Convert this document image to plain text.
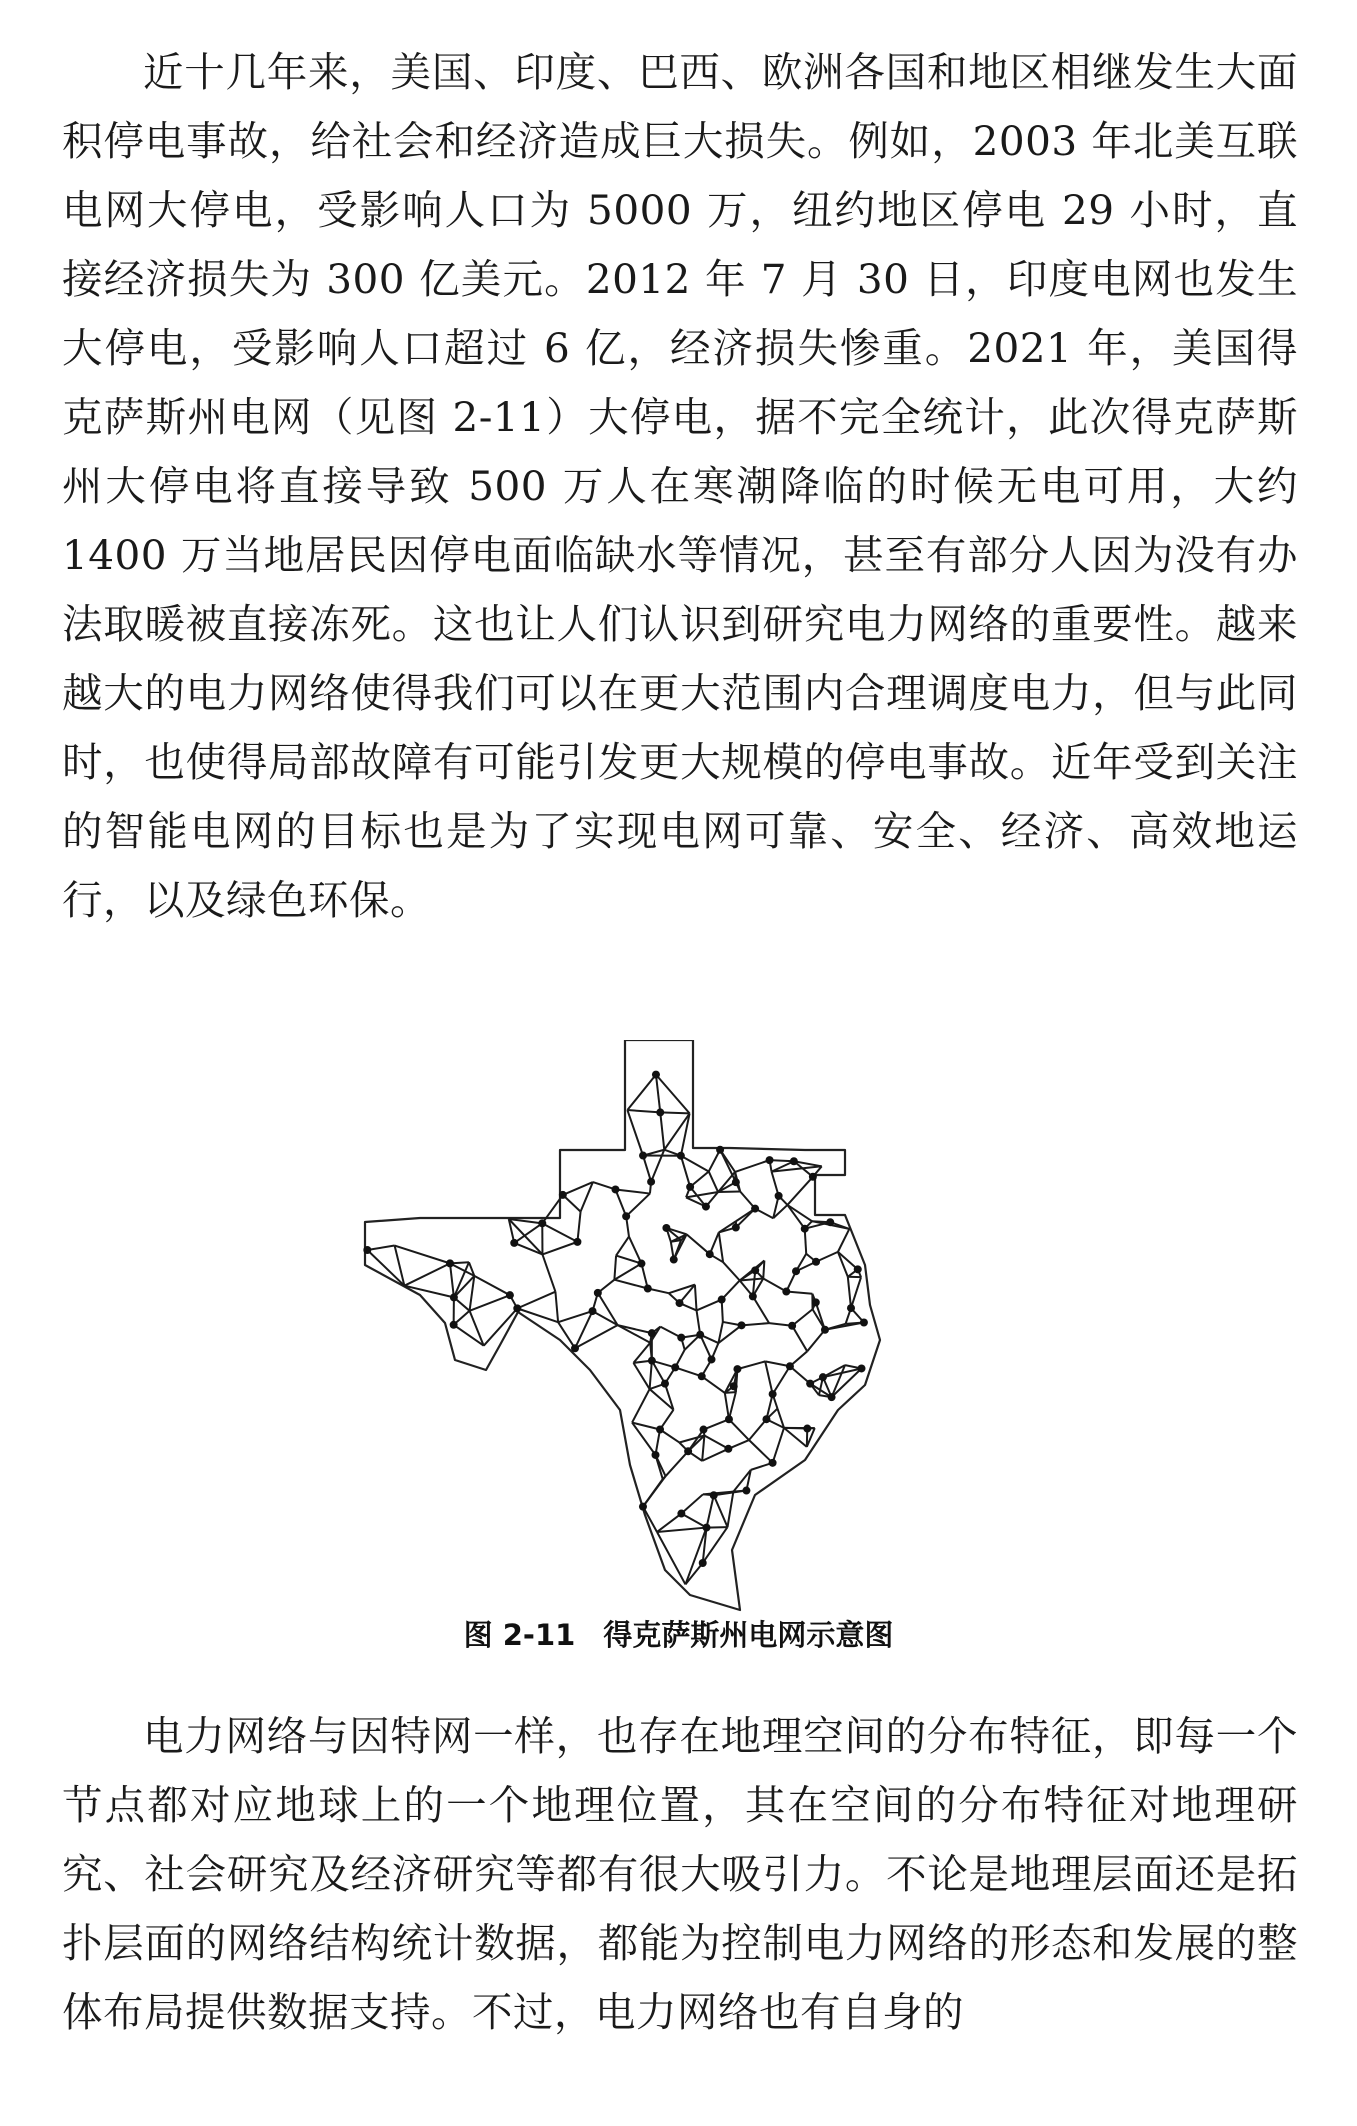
近十几年来，美国、印度、巴西、欧洲各国和地区相继发生大面积停电事故，给社会和经济造成巨大损失。例如，2003 年北美互联电网大停电，受影响人口为 5000 万，纽约地区停电 29 小时，直接经济损失为 300 亿美元。2012 年 7 月 30 日，印度电网也发生大停电，受影响人口超过 6 亿，经济损失惨重。2021 年，美国得克萨斯州电网（见图 2-11）大停电，据不完全统计，此次得克萨斯州大停电将直接导致 500 万人在寒潮降临的时候无电可用，大约 1400 万当地居民因停电面临缺水等情况，甚至有部分人因为没有办法取暖被直接冻死。这也让人们认识到研究电力网络的重要性。越来越大的电力网络使得我们可以在更大范围内合理调度电力，但与此同时，也使得局部故障有可能引发更大规模的停电事故。近年受到关注的智能电网的目标也是为了实现电网可靠、安全、经济、高效地运行，以及绿色环保。

图 2-11 得克萨斯州电网示意图

电力网络与因特网一样，也存在地理空间的分布特征，即每一个节点都对应地球上的一个地理位置，其在空间的分布特征对地理研究、社会研究及经济研究等都有很大吸引力。不论是地理层面还是拓扑层面的网络结构统计数据，都能为控制电力网络的形态和发展的整体布局提供数据支持。不过，电力网络也有自身的
